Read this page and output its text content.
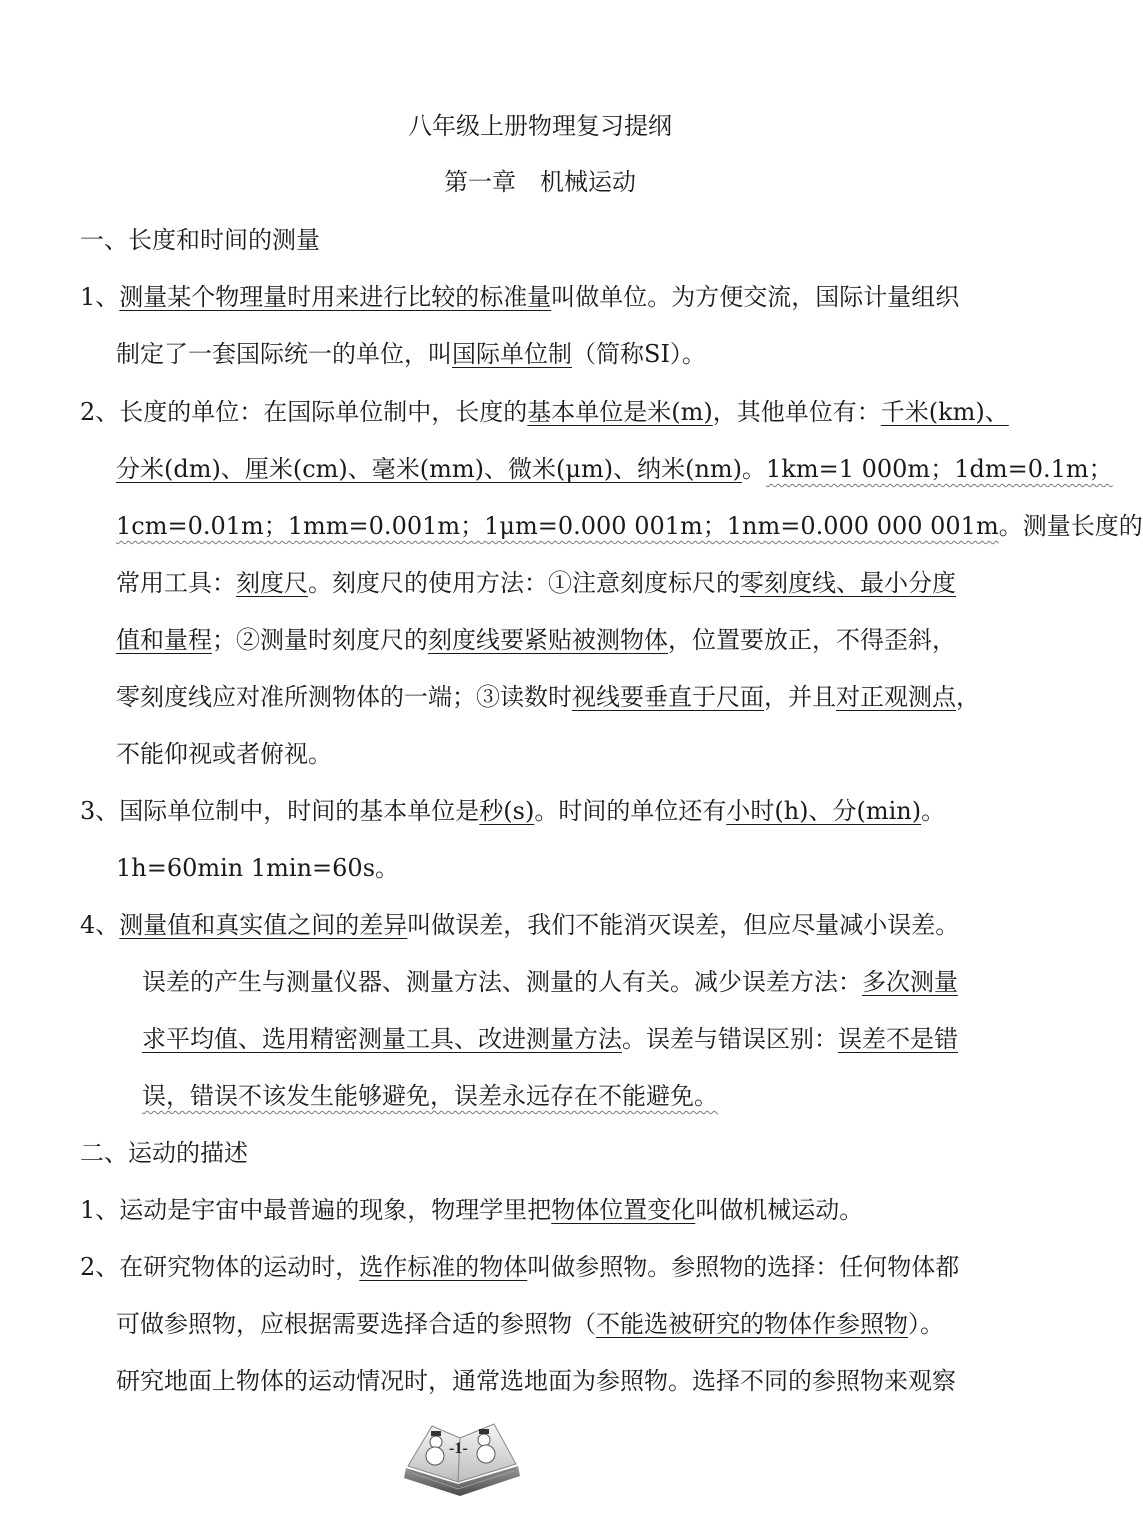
八年级上册物理复习提纲
第一章　机械运动
一、长度和时间的测量
1、测量某个物理量时用来进行比较的标准量叫做单位。为方便交流，国际计量组织
制定了一套国际统一的单位，叫国际单位制（简称SI）。
2、长度的单位：在国际单位制中，长度的基本单位是米(m)，其他单位有：千米(km)、
分米(dm)、厘米(cm)、毫米(mm)、微米(μm)、纳米(nm)。1km=1 000m；1dm=0.1m；
1cm=0.01m；1mm=0.001m；1μm=0.000 001m；1nm=0.000 000 001m。测量长度的
常用工具：刻度尺。刻度尺的使用方法：①注意刻度标尺的零刻度线、最小分度
值和量程；②测量时刻度尺的刻度线要紧贴被测物体，位置要放正，不得歪斜，
零刻度线应对准所测物体的一端；③读数时视线要垂直于尺面，并且对正观测点，
不能仰视或者俯视。
3、国际单位制中，时间的基本单位是秒(s)。时间的单位还有小时(h)、分(min)。
1h=60min 1min=60s。
4、测量值和真实值之间的差异叫做误差，我们不能消灭误差，但应尽量减小误差。
误差的产生与测量仪器、测量方法、测量的人有关。减少误差方法：多次测量
求平均值、选用精密测量工具、改进测量方法。误差与错误区别：误差不是错
误，错误不该发生能够避免，误差永远存在不能避免。
二、运动的描述
1、运动是宇宙中最普遍的现象，物理学里把物体位置变化叫做机械运动。
2、在研究物体的运动时，选作标准的物体叫做参照物。参照物的选择：任何物体都
可做参照物，应根据需要选择合适的参照物（不能选被研究的物体作参照物）。
研究地面上物体的运动情况时，通常选地面为参照物。选择不同的参照物来观察
-1-
